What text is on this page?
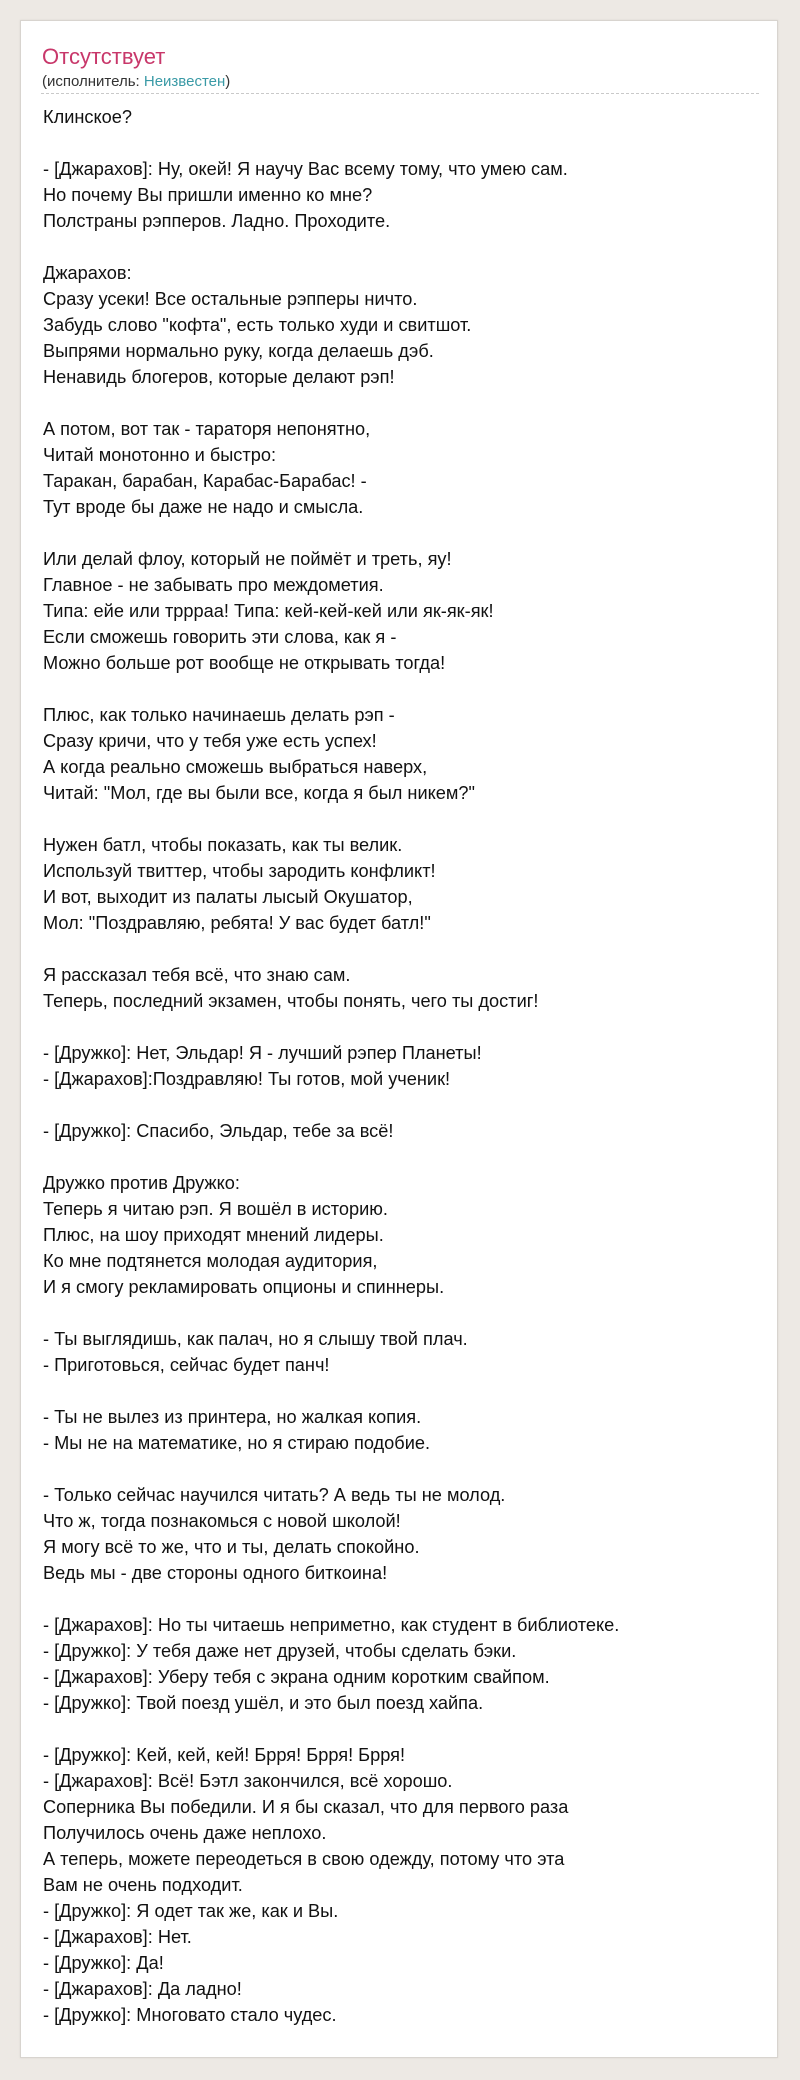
Отсутствует
(исполнитель: Неизвестен)
Клинское?
- [Джарахов]: Ну, окей! Я научу Вас всему тому, что умею сам.
Но почему Вы пришли именно ко мне?
Полстраны рэпперов. Ладно. Проходите.
Джарахов:
Сразу усеки! Все остальные рэпперы ничто.
Забудь слово "кофта", есть только худи и свитшот.
Выпрями нормально руку, когда делаешь дэб.
Ненавидь блогеров, которые делают рэп!
А потом, вот так - тараторя непонятно,
Читай монотонно и быстро:
Таракан, барабан, Карабас-Барабас! -
Тут вроде бы даже не надо и смысла.
Или делай флоу, который не поймёт и треть, яу!
Главное - не забывать про междометия.
Типа: ейе или тррраа! Типа: кей-кей-кей или як-як-як!
Если сможешь говорить эти слова, как я -
Можно больше рот вообще не открывать тогда!
Плюс, как только начинаешь делать рэп -
Сразу кричи, что у тебя уже есть успех!
А когда реально сможешь выбраться наверх,
Читай: "Мол, где вы были все, когда я был никем?"
Нужен батл, чтобы показать, как ты велик.
Используй твиттер, чтобы зародить конфликт!
И вот, выходит из палаты лысый Окушатор,
Мол: "Поздравляю, ребята! У вас будет батл!"
Я рассказал тебя всё, что знаю сам.
Теперь, последний экзамен, чтобы понять, чего ты достиг!
- [Дружко]: Нет, Эльдар! Я - лучший рэпер Планеты!
- [Джарахов]:Поздравляю! Ты готов, мой ученик!
- [Дружко]: Спасибо, Эльдар, тебе за всё!
Дружко против Дружко:
Теперь я читаю рэп. Я вошёл в историю.
Плюс, на шоу приходят мнений лидеры.
Ко мне подтянется молодая аудитория,
И я смогу рекламировать опционы и спиннеры.
- Ты выглядишь, как палач, но я слышу твой плач.
- Приготовься, сейчас будет панч!
- Ты не вылез из принтера, но жалкая копия.
- Мы не на математике, но я стираю подобие.
- Только сейчас научился читать? А ведь ты не молод.
Что ж, тогда познакомься с новой школой!
Я могу всё то же, что и ты, делать спокойно.
Ведь мы - две стороны одного биткоина!
- [Джарахов]: Но ты читаешь неприметно, как студент в библиотеке.
- [Дружко]: У тебя даже нет друзей, чтобы сделать бэки.
- [Джарахов]: Уберу тебя с экрана одним коротким свайпом.
- [Дружко]: Твой поезд ушёл, и это был поезд хайпа.
- [Дружко]: Кей, кей, кей! Брря! Брря! Брря!
- [Джарахов]: Всё! Бэтл закончился, всё хорошо.
Соперника Вы победили. И я бы сказал, что для первого раза
Получилось очень даже неплохо.
А теперь, можете переодеться в свою одежду, потому что эта
Вам не очень подходит.
- [Дружко]: Я одет так же, как и Вы.
- [Джарахов]: Нет.
- [Дружко]: Да!
- [Джарахов]: Да ладно!
- [Дружко]: Многовато стало чудес.
